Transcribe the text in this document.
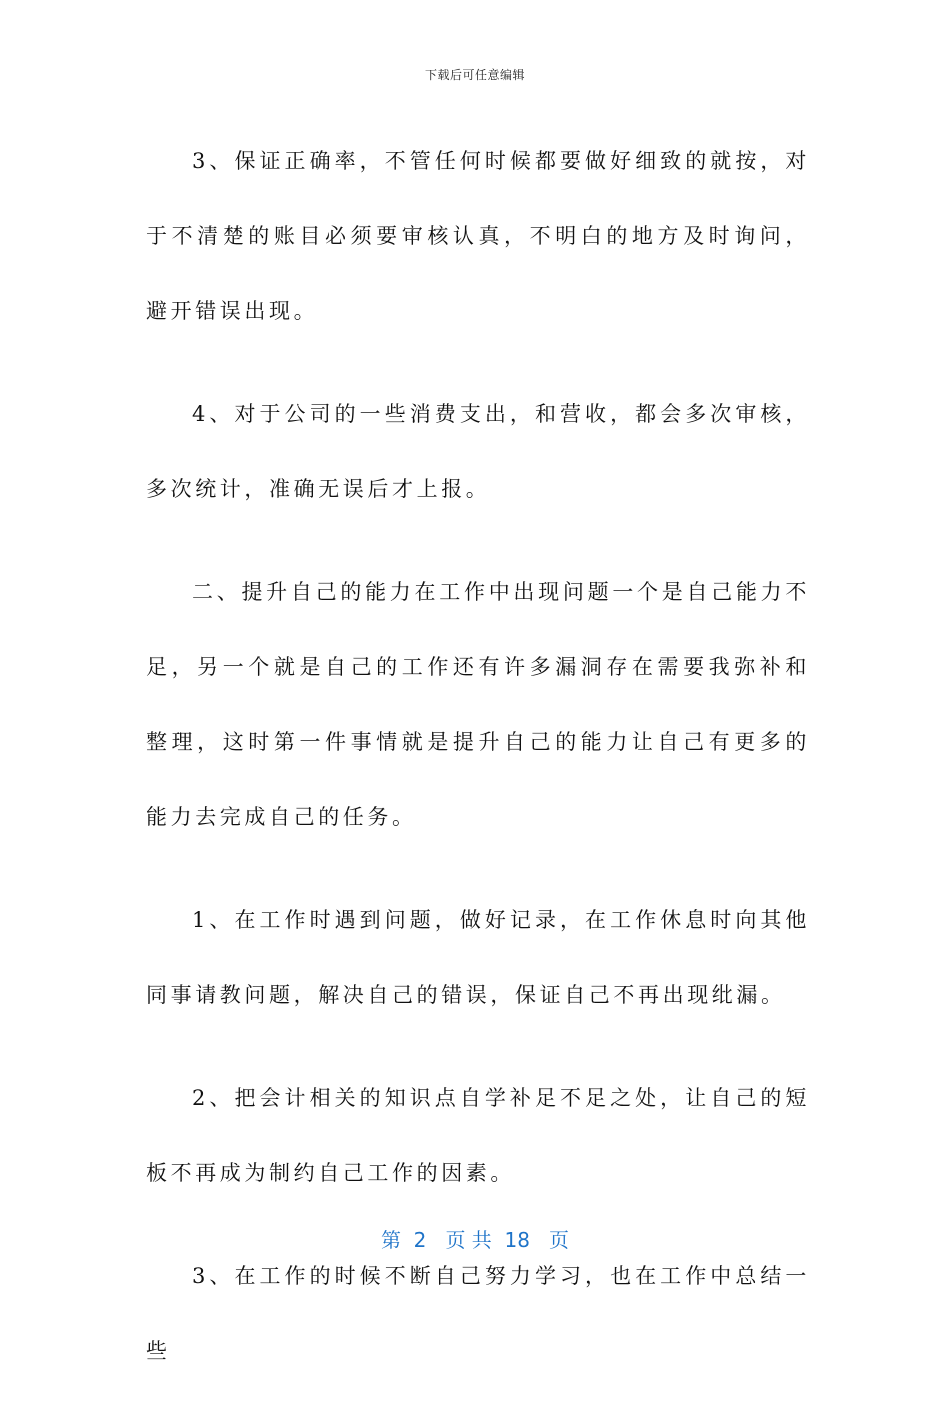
下载后可任意编辑

3、保证正确率，不管任何时候都要做好细致的就按，对于不清楚的账目必须要审核认真，不明白的地方及时询问，避开错误出现。

4、对于公司的一些消费支出，和营收，都会多次审核，多次统计，准确无误后才上报。

二、提升自己的能力在工作中出现问题一个是自己能力不足，另一个就是自己的工作还有许多漏洞存在需要我弥补和整理，这时第一件事情就是提升自己的能力让自己有更多的能力去完成自己的任务。

1、在工作时遇到问题，做好记录，在工作休息时向其他同事请教问题，解决自己的错误，保证自己不再出现纰漏。

2、把会计相关的知识点自学补足不足之处，让自己的短板不再成为制约自己工作的因素。

3、在工作的时候不断自己努力学习，也在工作中总结一些

第  2   页 共  18   页
